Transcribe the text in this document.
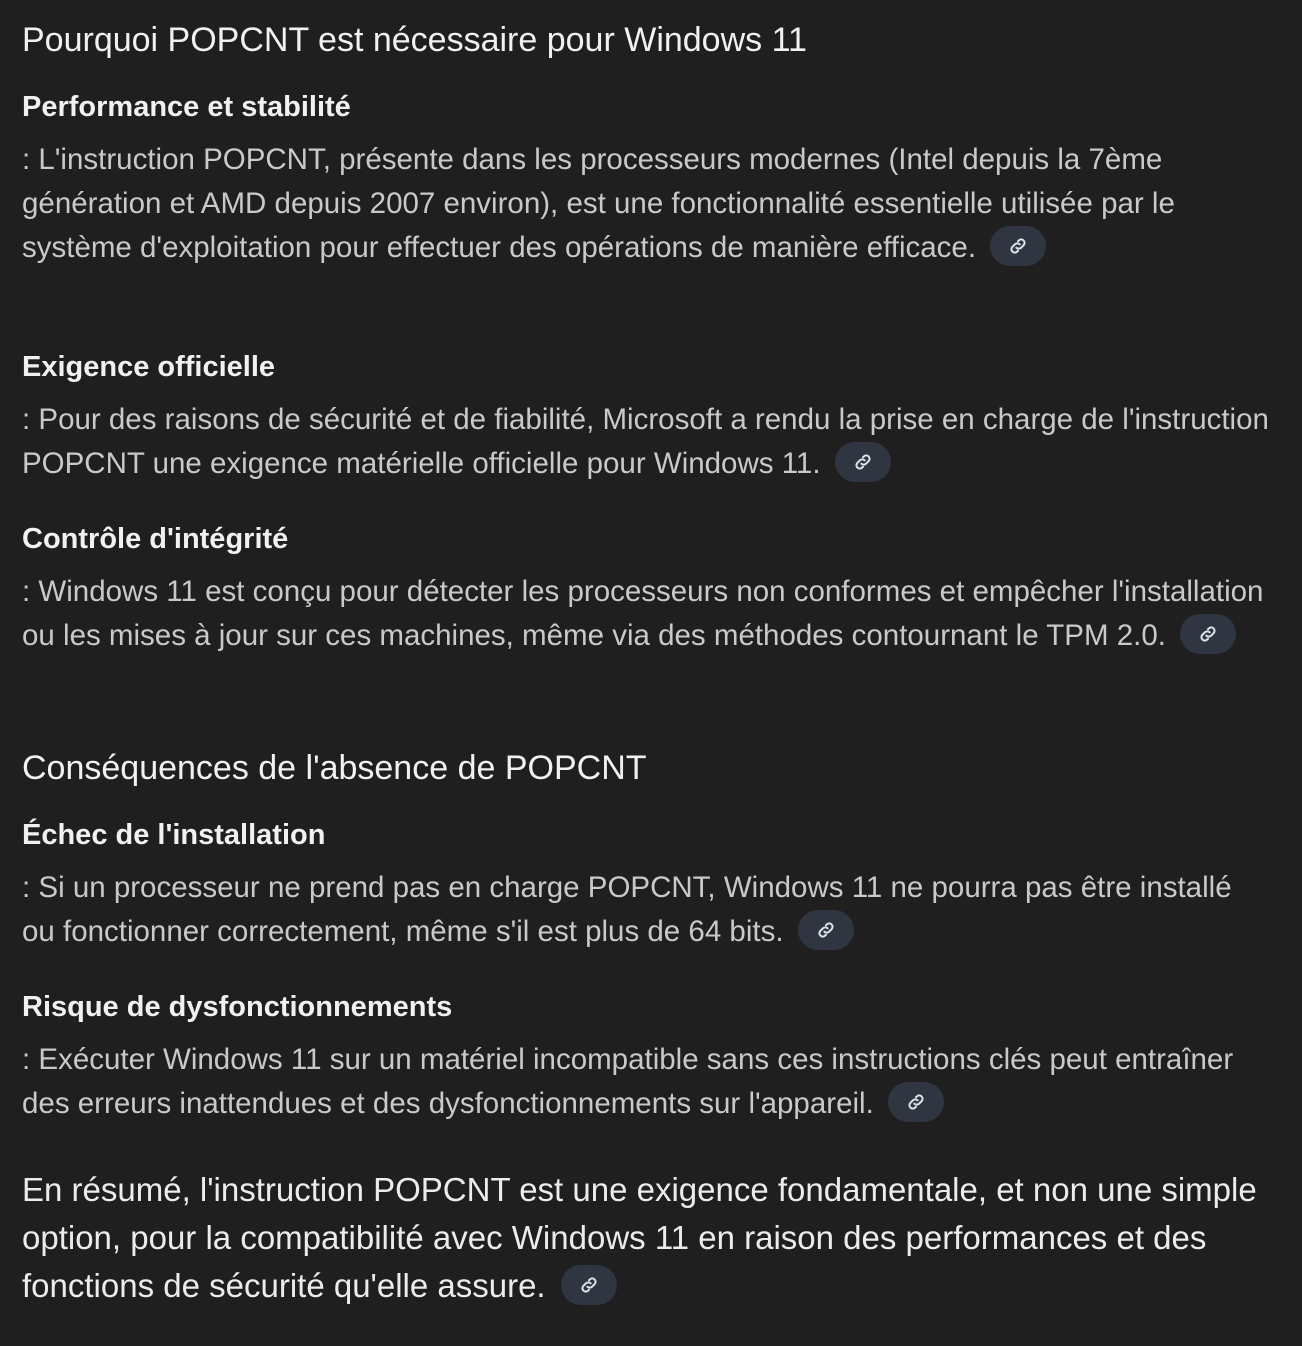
Pourquoi POPCNT est nécessaire pour Windows 11
Performance et stabilité

: L'instruction POPCNT, présente dans les processeurs modernes (Intel depuis la 7ème génération et AMD depuis 2007 environ), est une fonctionnalité essentielle utilisée par le système d'exploitation pour effectuer des opérations de manière efficace.

Exigence officielle

: Pour des raisons de sécurité et de fiabilité, Microsoft a rendu la prise en charge de l'instruction POPCNT une exigence matérielle officielle pour Windows 11.

Contrôle d'intégrité

: Windows 11 est conçu pour détecter les processeurs non conformes et empêcher l'installation ou les mises à jour sur ces machines, même via des méthodes contournant le TPM 2.0.

Conséquences de l'absence de POPCNT
Échec de l'installation

: Si un processeur ne prend pas en charge POPCNT, Windows 11 ne pourra pas être installé ou fonctionner correctement, même s'il est plus de 64 bits.

Risque de dysfonctionnements

: Exécuter Windows 11 sur un matériel incompatible sans ces instructions clés peut entraîner des erreurs inattendues et des dysfonctionnements sur l'appareil.

En résumé, l'instruction POPCNT est une exigence fondamentale, et non une simple option, pour la compatibilité avec Windows 11 en raison des performances et des fonctions de sécurité qu'elle assure.
